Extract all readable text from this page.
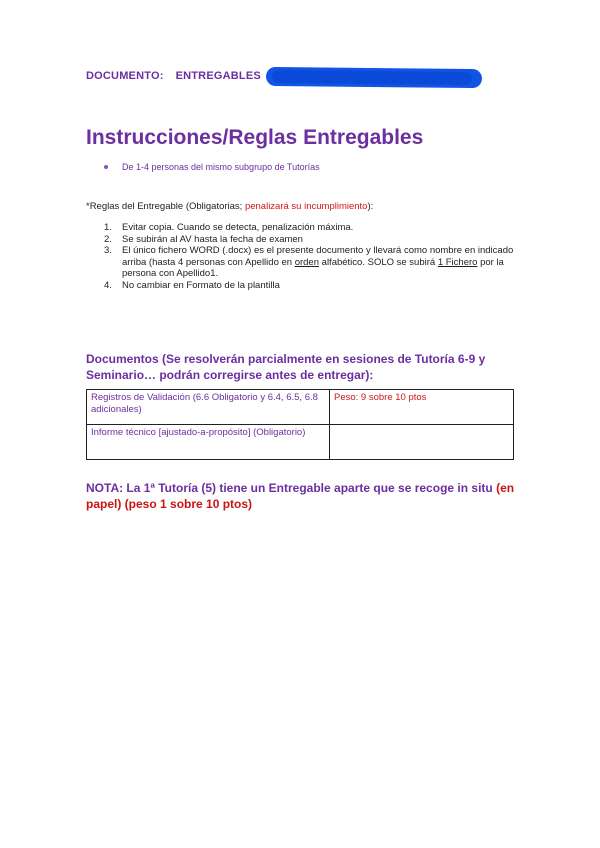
DOCUMENTO: ENTREGABLES
Instrucciones/Reglas Entregables
De 1-4 personas del mismo subgrupo de Tutorías
*Reglas del Entregable (Obligatorias; penalizará su incumplimiento):
1. Evitar copia. Cuando se detecta, penalización máxima.
2. Se subirán al AV hasta la fecha de examen
3. El único fichero WORD (.docx) es el presente documento y llevará como nombre en indicado arriba (hasta 4 personas con Apellido en orden alfabético. SOLO se subirá 1 Fichero por la persona con Apellido1.
4. No cambiar en Formato de la plantilla
Documentos (Se resolverán parcialmente en sesiones de Tutoría 6-9 y Seminario… podrán corregirse antes de entregar):
Registros de Validación (6.6 Obligatorio y 6.4, 6.5, 6.8 adicionales)	Peso: 9 sobre 10 ptos
Informe técnico [ajustado-a-propósito] (Obligatorio)	
NOTA: La 1ª Tutoría (5) tiene un Entregable aparte que se recoge in situ (en papel) (peso 1 sobre 10 ptos)
